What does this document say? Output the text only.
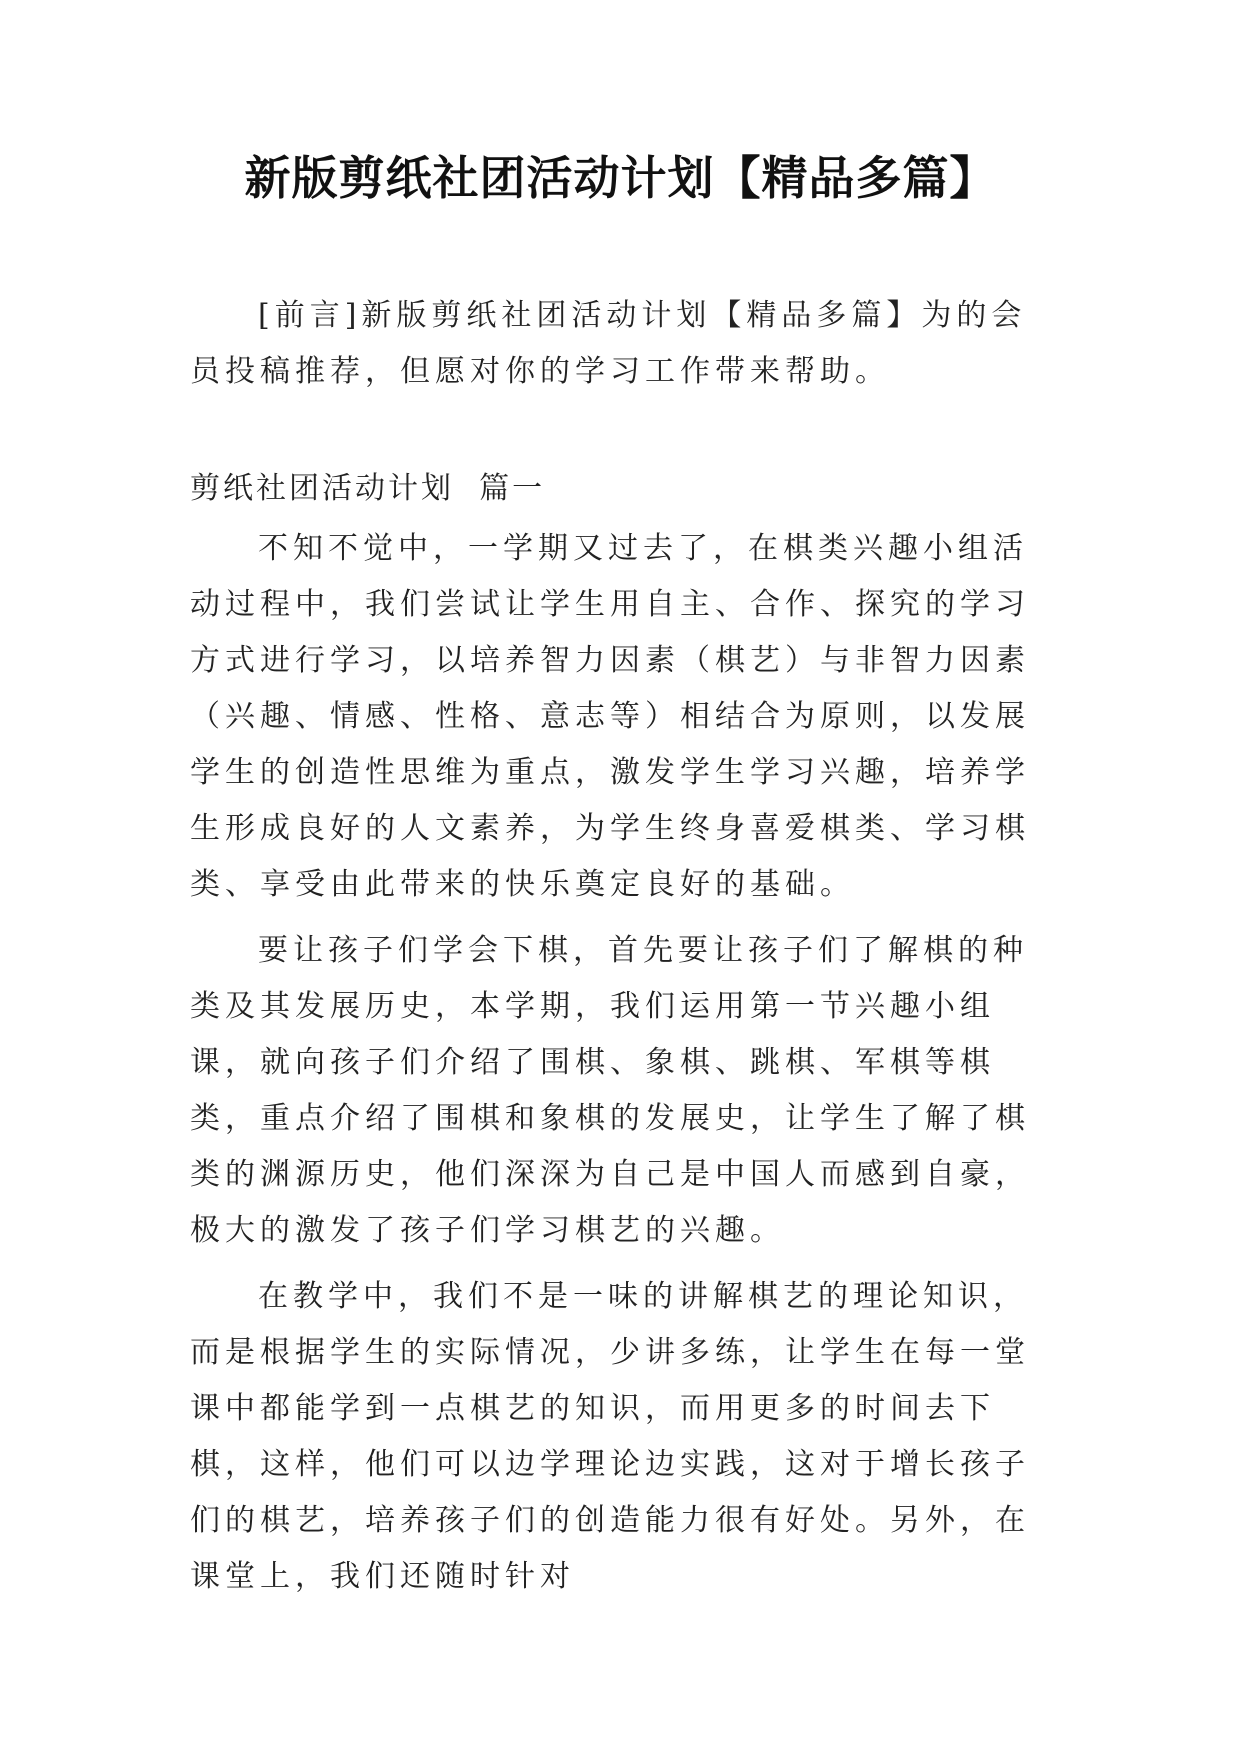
新版剪纸社团活动计划【精品多篇】

[前言]新版剪纸社团活动计划【精品多篇】为的会员投稿推荐，但愿对你的学习工作带来帮助。

剪纸社团活动计划  篇一

不知不觉中，一学期又过去了，在棋类兴趣小组活动过程中，我们尝试让学生用自主、合作、探究的学习方式进行学习，以培养智力因素（棋艺）与非智力因素（兴趣、情感、性格、意志等）相结合为原则，以发展学生的创造性思维为重点，激发学生学习兴趣，培养学生形成良好的人文素养，为学生终身喜爱棋类、学习棋类、享受由此带来的快乐奠定良好的基础。

要让孩子们学会下棋，首先要让孩子们了解棋的种类及其发展历史，本学期，我们运用第一节兴趣小组课，就向孩子们介绍了围棋、象棋、跳棋、军棋等棋类，重点介绍了围棋和象棋的发展史，让学生了解了棋类的渊源历史，他们深深为自己是中国人而感到自豪，极大的激发了孩子们学习棋艺的兴趣。

在教学中，我们不是一味的讲解棋艺的理论知识，而是根据学生的实际情况，少讲多练，让学生在每一堂课中都能学到一点棋艺的知识，而用更多的时间去下棋，这样，他们可以边学理论边实践，这对于增长孩子们的棋艺，培养孩子们的创造能力很有好处。另外，在课堂上，我们还随时针对
